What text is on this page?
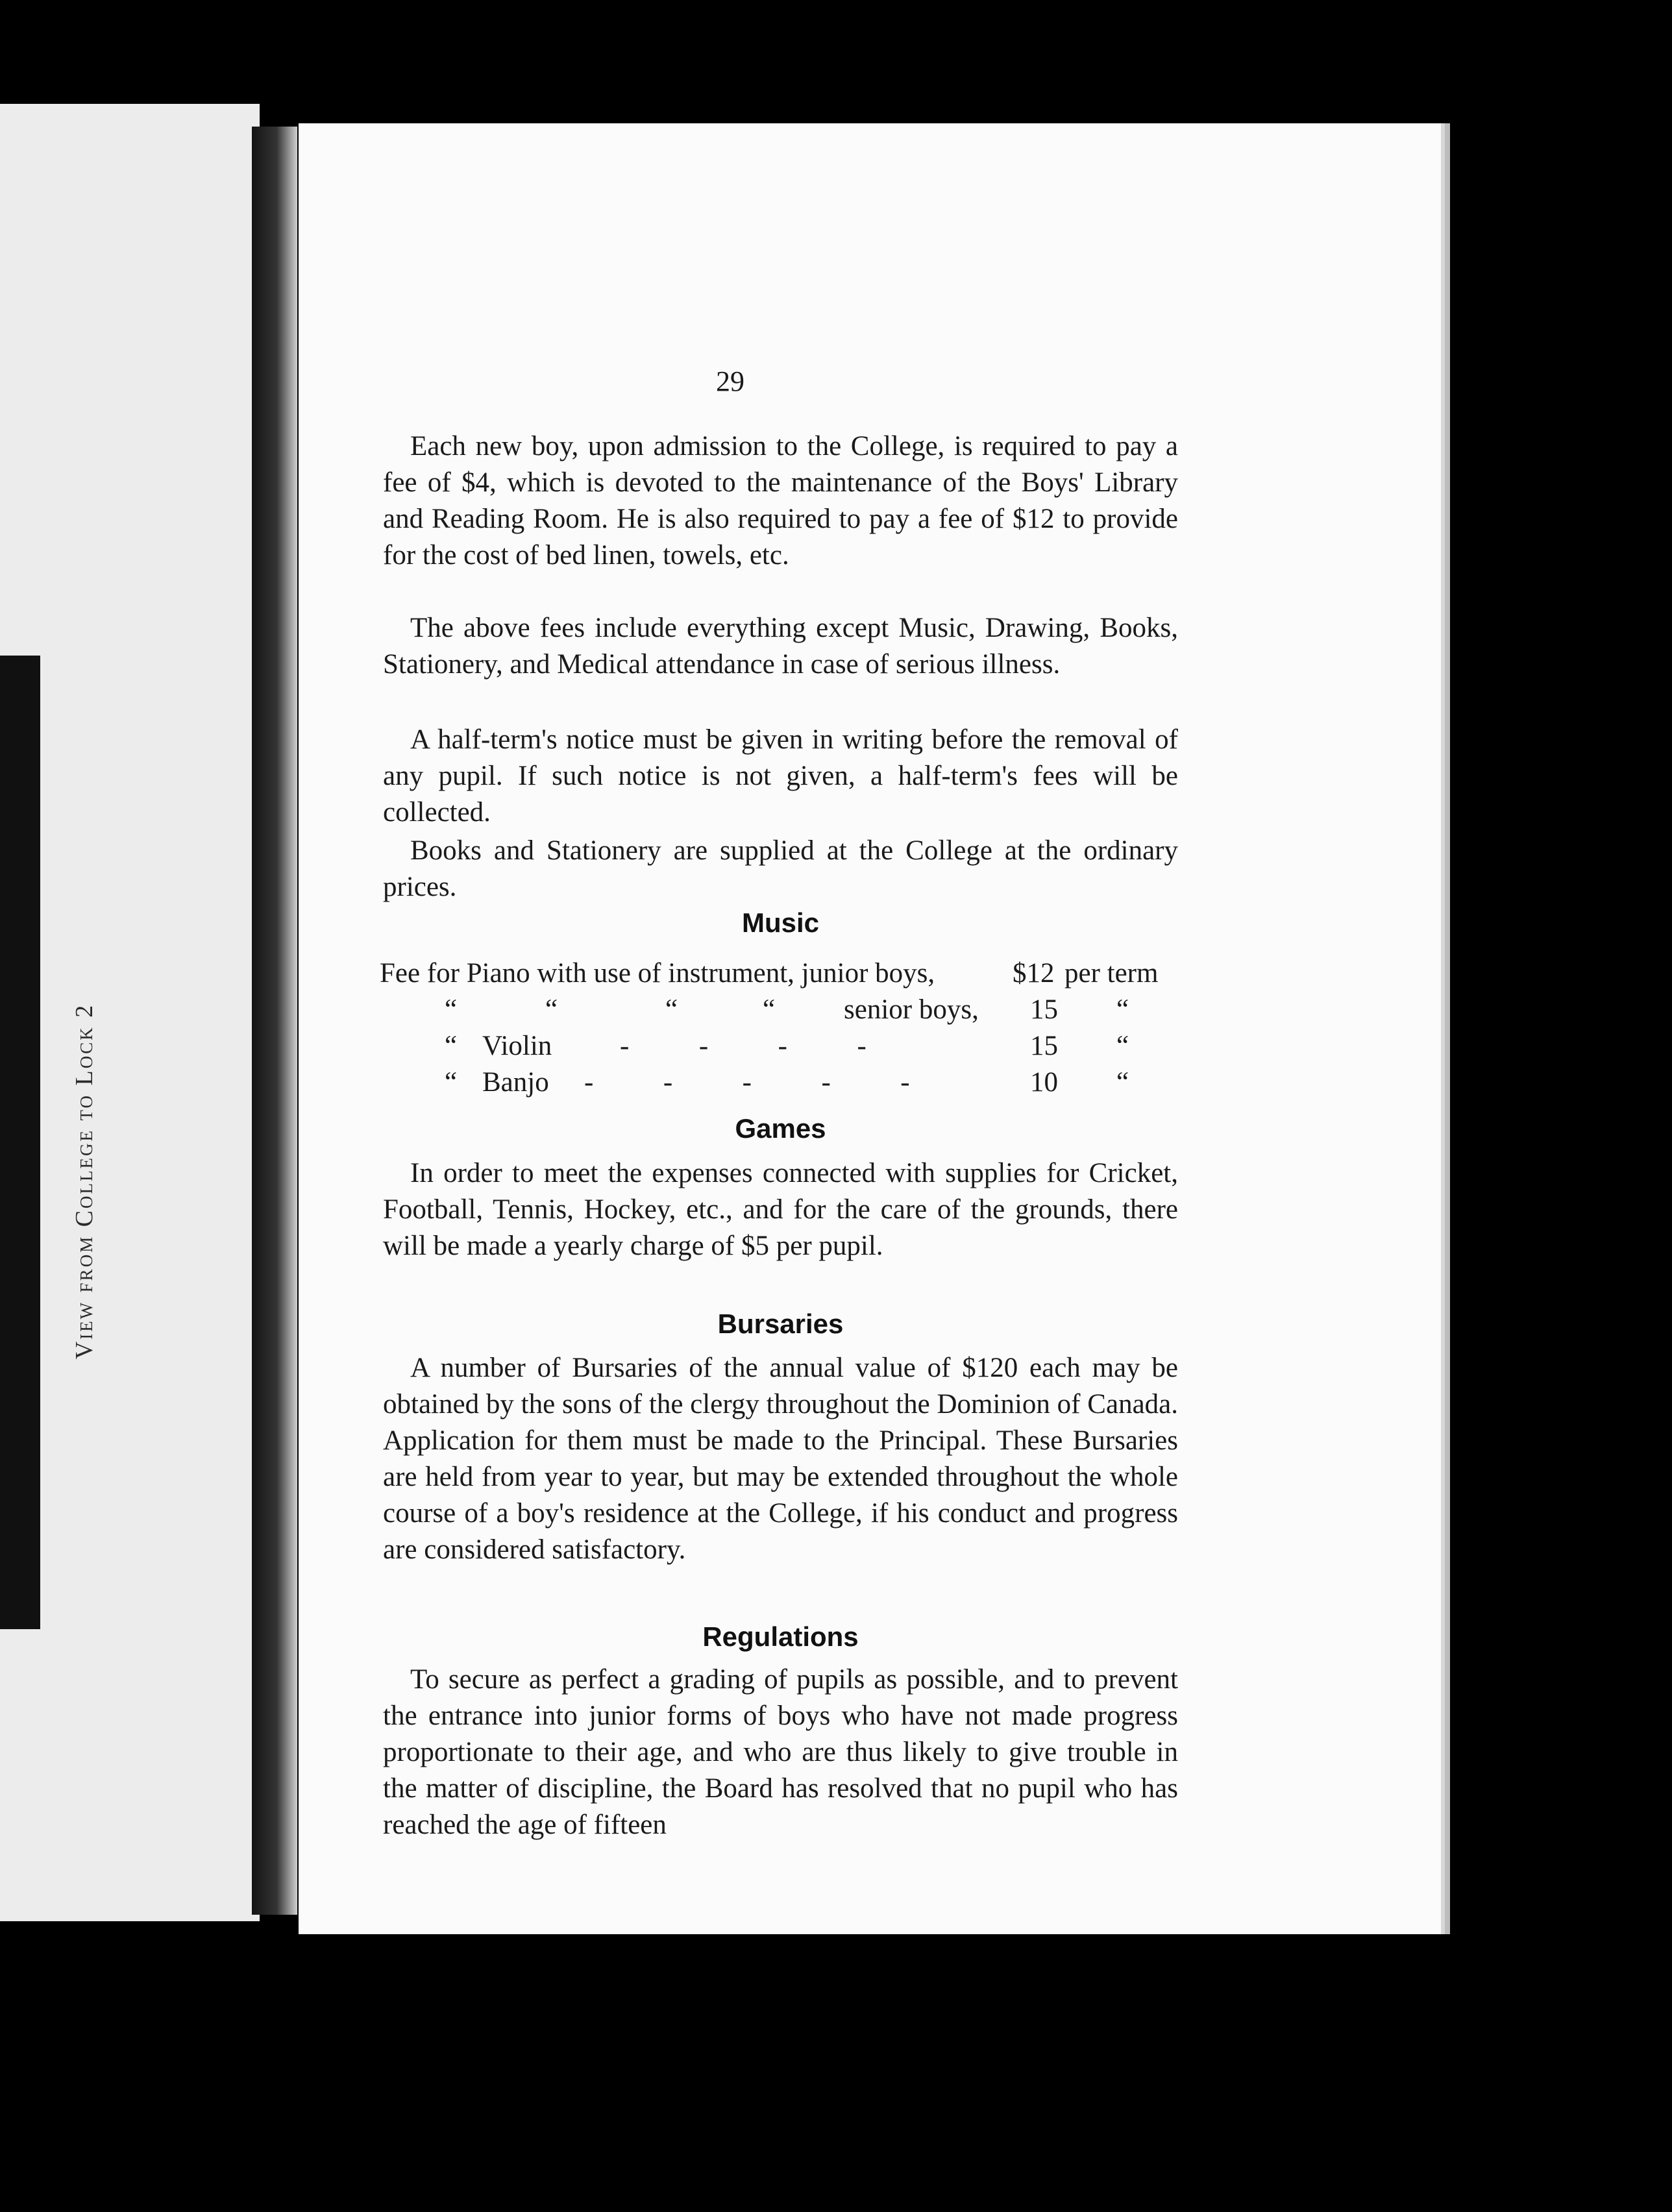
View from College to Lock 2
29

Each new boy, upon admission to the College, is required to pay a fee of $4, which is devoted to the maintenance of the Boys' Library and Reading Room. He is also required to pay a fee of $12 to provide for the cost of bed linen, towels, etc.

The above fees include everything except Music, Drawing, Books, Stationery, and Medical attendance in case of serious illness.

A half-term's notice must be given in writing before the removal of any pupil. If such notice is not given, a half-term's fees will be collected.

Books and Stationery are supplied at the College at the ordinary prices.

Music
Fee for Piano with use of instrument, junior boys,	$12 per term
“	“	“	“ senior boys, 15 “
“ Violin -          -          -          -	15 “
“ Banjo -          -          -          -          -	10 “
Games

In order to meet the expenses connected with supplies for Cricket, Football, Tennis, Hockey, etc., and for the care of the grounds, there will be made a yearly charge of $5 per pupil.

Bursaries

A number of Bursaries of the annual value of $120 each may be obtained by the sons of the clergy throughout the Dominion of Canada. Application for them must be made to the Principal. These Bursaries are held from year to year, but may be extended throughout the whole course of a boy's residence at the College, if his conduct and progress are considered satisfactory.

Regulations

To secure as perfect a grading of pupils as possible, and to prevent the entrance into junior forms of boys who have not made progress proportionate to their age, and who are thus likely to give trouble in the matter of discipline, the Board has resolved that no pupil who has reached the age of fifteen
